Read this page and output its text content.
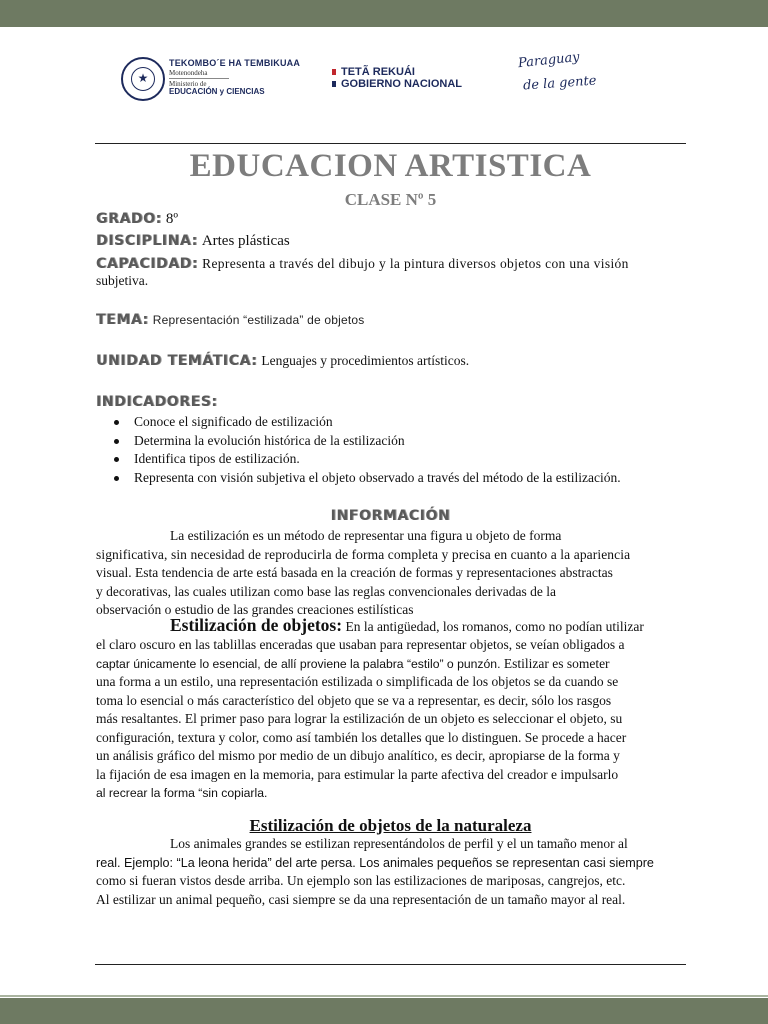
★
TEKOMBO´E HA TEMBIKUAA
Motenondeha
Ministerio de
EDUCACIÓN y CIENCIAS
TETÃ REKUÁI
GOBIERNO NACIONAL
Paraguay
de la gente
EDUCACION ARTISTICA
CLASE Nº 5
GRADO: 8º
DISCIPLINA: Artes plásticas
CAPACIDAD: Representa a través del dibujo y la pintura diversos objetos con una visión
subjetiva.
TEMA: Representación “estilizada” de objetos
UNIDAD TEMÁTICA: Lenguajes y procedimientos artísticos.
INDICADORES:
Conoce el significado de estilización
Determina la evolución histórica de la estilización
Identifica tipos de estilización.
Representa con visión subjetiva el objeto observado a través del método de la estilización.
INFORMACIÓN
La estilización es un método de representar una figura u objeto de forma
significativa, sin necesidad de reproducirla de forma completa y precisa en cuanto a la apariencia
visual. Esta tendencia de arte está basada en la creación de formas y representaciones abstractas
y decorativas, las cuales utilizan como base las reglas convencionales derivadas de la
observación o estudio de las grandes creaciones estilísticas
Estilización de objetos: En la antigüedad, los romanos, como no podían utilizar
el claro oscuro en las tablillas enceradas que usaban para representar objetos, se veían obligados a
captar únicamente lo esencial, de allí proviene la palabra “estilo” o punzón. Estilizar es someter
una forma a un estilo, una representación estilizada o simplificada de los objetos se da cuando se
toma lo esencial o más característico del objeto que se va a representar, es decir, sólo los rasgos
más resaltantes. El primer paso para lograr la estilización de un objeto es seleccionar el objeto, su
configuración, textura y color, como así también los detalles que lo distinguen. Se procede a hacer
un análisis gráfico del mismo por medio de un dibujo analítico, es decir, apropiarse de la forma y
la fijación de esa imagen en la memoria, para estimular la parte afectiva del creador e impulsarlo
al recrear la forma “sin copiarla.
Estilización de objetos de la naturaleza
Los animales grandes se estilizan representándolos de perfil y el un tamaño menor al
real. Ejemplo: “La leona herida” del arte persa. Los animales pequeños se representan casi siempre
como si fueran vistos desde arriba. Un ejemplo son las estilizaciones de mariposas, cangrejos, etc.
Al estilizar un animal pequeño, casi siempre se da una representación de un tamaño mayor al real.
